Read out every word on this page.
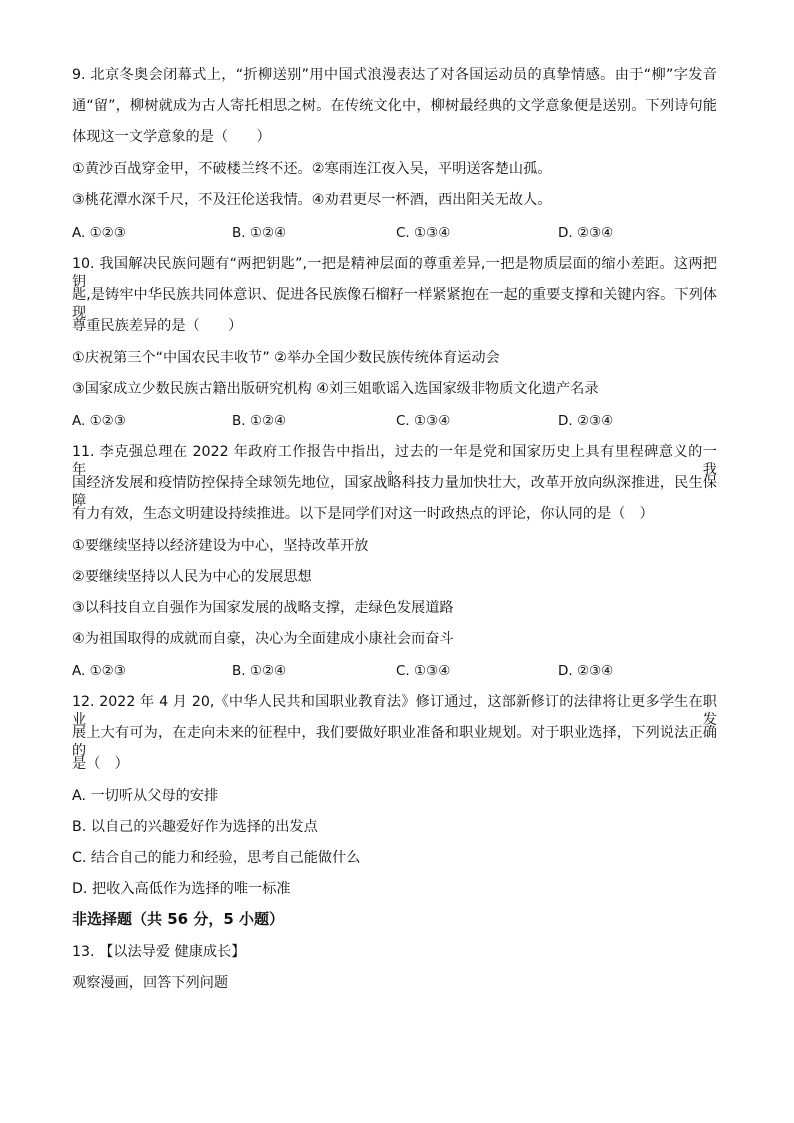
9. 北京冬奥会闭幕式上，“折柳送别”用中国式浪漫表达了对各国运动员的真挚情感。由于“柳”字发音
通“留”，柳树就成为古人寄托相思之树。在传统文化中，柳树最经典的文学意象便是送别。下列诗句能
体现这一文学意象的是（　　）
①黄沙百战穿金甲，不破楼兰终不还。②寒雨连江夜入吴，平明送客楚山孤。
③桃花潭水深千尺，不及汪伦送我情。④劝君更尽一杯酒，西出阳关无故人。
A. ①②③	B. ①②④	C. ①③④	D. ②③④
10. 我国解决民族问题有“两把钥匙”,一把是精神层面的尊重差异,一把是物质层面的缩小差距。这两把钥
匙,是铸牢中华民族共同体意识、促进各民族像石榴籽一样紧紧抱在一起的重要支撑和关键内容。下列体现
尊重民族差异的是（　　）
①庆祝第三个“中国农民丰收节” ②举办全国少数民族传统体育运动会
③国家成立少数民族古籍出版研究机构 ④刘三姐歌谣入选国家级非物质文化遗产名录
A. ①②③	B. ①②④	C. ①③④	D. ②③④
11. 李克强总理在 2022 年政府工作报告中指出，过去的一年是党和国家历史上具有里程碑意义的一年。我
国经济发展和疫情防控保持全球领先地位，国家战略科技力量加快壮大，改革开放向纵深推进，民生保障
有力有效，生态文明建设持续推进。以下是同学们对这一时政热点的评论，你认同的是（　）
①要继续坚持以经济建设为中心，坚持改革开放
②要继续坚持以人民为中心的发展思想
③以科技自立自强作为国家发展的战略支撑，走绿色发展道路
④为祖国取得的成就而自豪，决心为全面建成小康社会而奋斗
A. ①②③	B. ①②④	C. ①③④	D. ②③④
12. 2022 年 4 月 20,《中华人民共和国职业教育法》修订通过，这部新修订的法律将让更多学生在职业发
展上大有可为，在走向未来的征程中，我们要做好职业准备和职业规划。对于职业选择，下列说法正确的
是（　）
A. 一切听从父母的安排
B. 以自己的兴趣爱好作为选择的出发点
C. 结合自己的能力和经验，思考自己能做什么
D. 把收入高低作为选择的唯一标准
非选择题（共 56 分，5 小题）
13. 【以法导爱 健康成长】
观察漫画，回答下列问题
